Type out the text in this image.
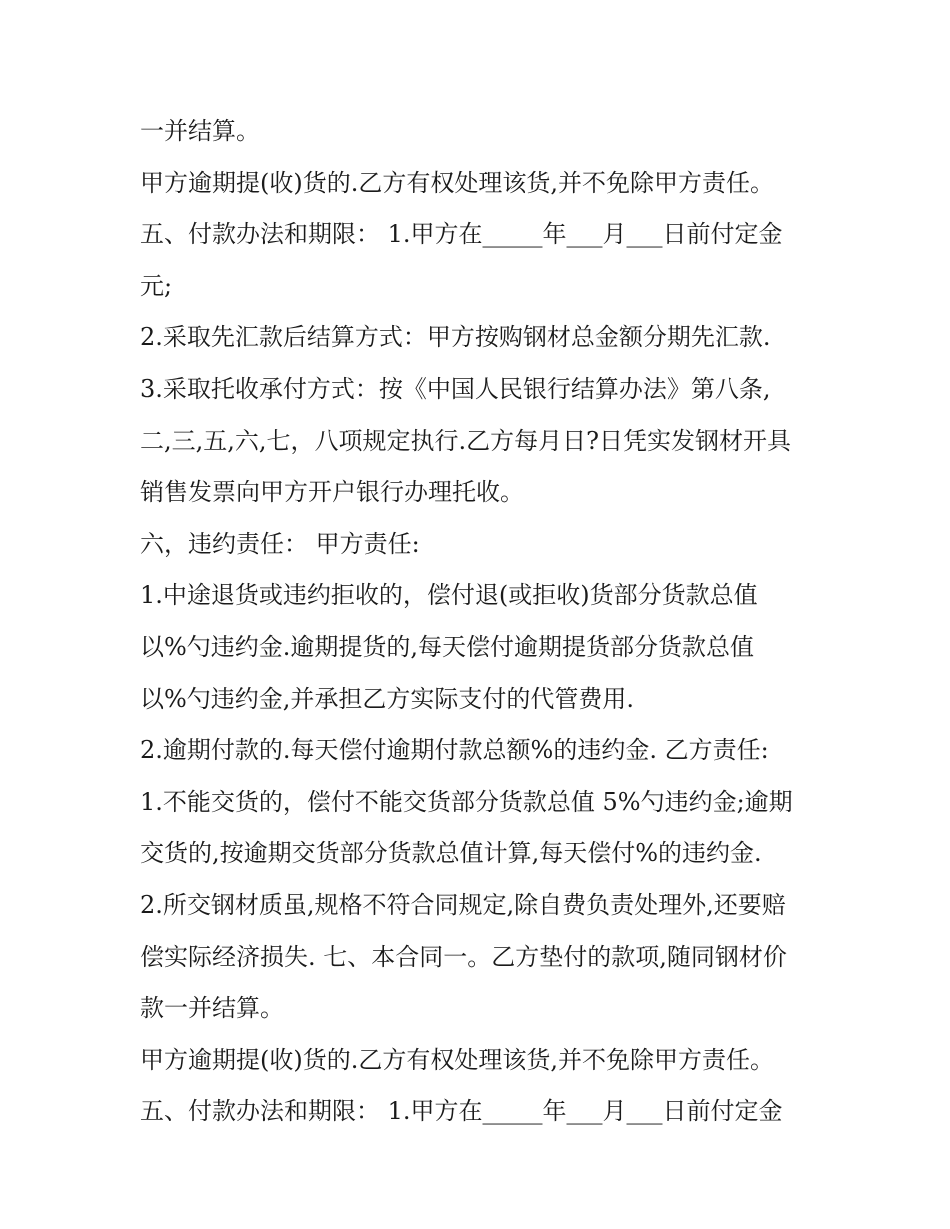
一并结算。
甲方逾期提(收)货的.乙方有权处理该货,并不免除甲方责任。
五、付款办法和期限： 1.甲方在_____年___月___日前付定金
元;
2.采取先汇款后结算方式：甲方按购钢材总金额分期先汇款.
3.采取托收承付方式：按《中国人民银行结算办法》第八条,
二,三,五,六,七，八项规定执行.乙方每月日?日凭实发钢材开具
销售发票向甲方开户银行办理托收。
六，违约责任： 甲方责任:
1.中途退货或违约拒收的，偿付退(或拒收)货部分货款总值
以%勺违约金.逾期提货的,每天偿付逾期提货部分货款总值
以%勺违约金,并承担乙方实际支付的代管费用.
2.逾期付款的.每天偿付逾期付款总额%的违约金. 乙方责任:
1.不能交货的，偿付不能交货部分货款总值 5%勺违约金;逾期
交货的,按逾期交货部分货款总值计算,每天偿付%的违约金.
2.所交钢材质虽,规格不符合同规定,除自费负责处理外,还要赔
偿实际经济损失. 七、本合同一。乙方垫付的款项,随同钢材价
款一并结算。
甲方逾期提(收)货的.乙方有权处理该货,并不免除甲方责任。
五、付款办法和期限： 1.甲方在_____年___月___日前付定金
